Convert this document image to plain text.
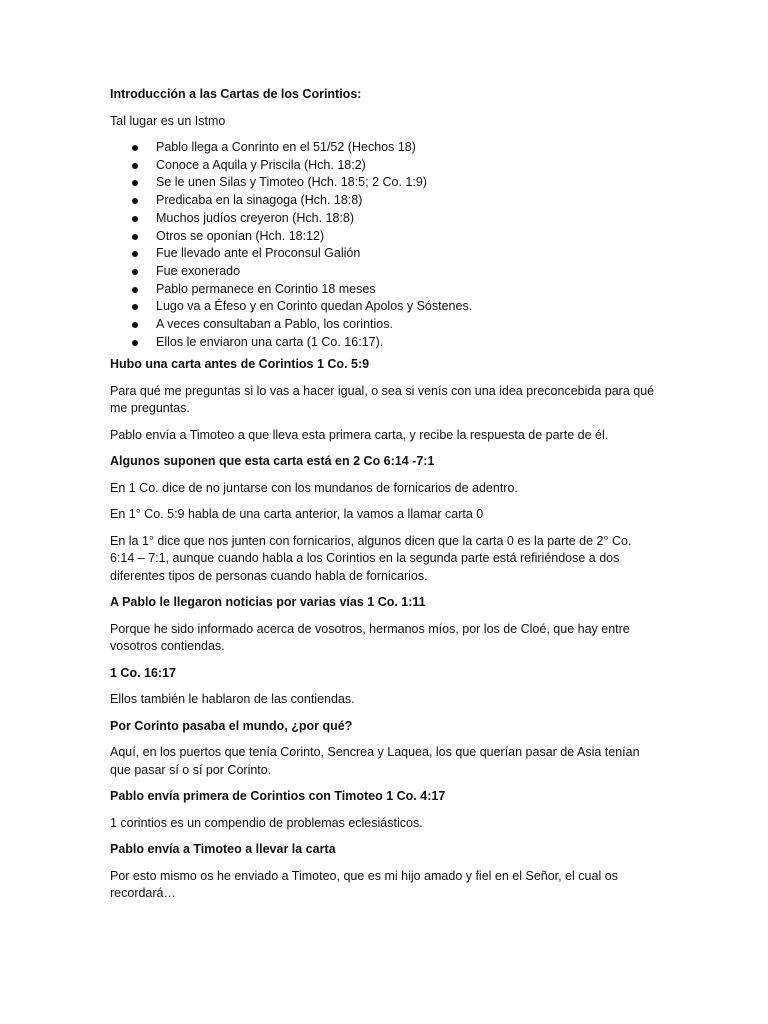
Introducción a las Cartas de los Corintios:

Tal lugar es un Istmo

Pablo llega a Conrinto en el 51/52 (Hechos 18)
Conoce a Aquila y Priscila (Hch. 18:2)
Se le unen Silas y Timoteo (Hch. 18:5; 2 Co. 1:9)
Predicaba en la sinagoga (Hch. 18:8)
Muchos judíos creyeron (Hch. 18:8)
Otros se oponían (Hch. 18:12)
Fue llevado ante el Proconsul Galión
Fue exonerado
Pablo permanece en Corintio 18 meses
Lugo va a Éfeso y en Corinto quedan Apolos y Sóstenes.
A veces consultaban a Pablo, los corintios.
Ellos le enviaron una carta (1 Co. 16:17).

Hubo una carta antes de Corintios 1 Co. 5:9

Para qué me preguntas si lo vas a hacer igual, o sea si venís con una idea preconcebida para qué me preguntas.

Pablo envía a Timoteo a que lleva esta primera carta, y recibe la respuesta de parte de él.

Algunos suponen que esta carta está en 2 Co 6:14 -7:1

En 1 Co. dice de no juntarse con los mundanos de fornicarios de adentro.

En 1° Co. 5:9 habla de una carta anterior, la vamos a llamar carta 0

En la 1° dice que nos junten con fornicarios, algunos dicen que la carta 0 es la parte de 2° Co. 6:14 – 7:1, aunque cuando habla a los Corintios en la segunda parte está refiriéndose a dos diferentes tipos de personas cuando habla de fornicarios.

A Pablo le llegaron noticias por varias vías 1 Co. 1:11

Porque he sido informado acerca de vosotros, hermanos míos, por los de Cloé, que hay entre vosotros contiendas.

1 Co. 16:17

Ellos también le hablaron de las contiendas.

Por Corinto pasaba el mundo, ¿por qué?

Aquí, en los puertos que tenía Corinto, Sencrea y Laquea, los que querían pasar de Asia tenían que pasar sí o sí por Corinto.

Pablo envía primera de Corintios con Timoteo 1 Co. 4:17

1 corintios es un compendio de problemas eclesiásticos.

Pablo envía a Timoteo a llevar la carta

Por esto mismo os he enviado a Timoteo, que es mi hijo amado y fiel en el Señor, el cual os recordará…
